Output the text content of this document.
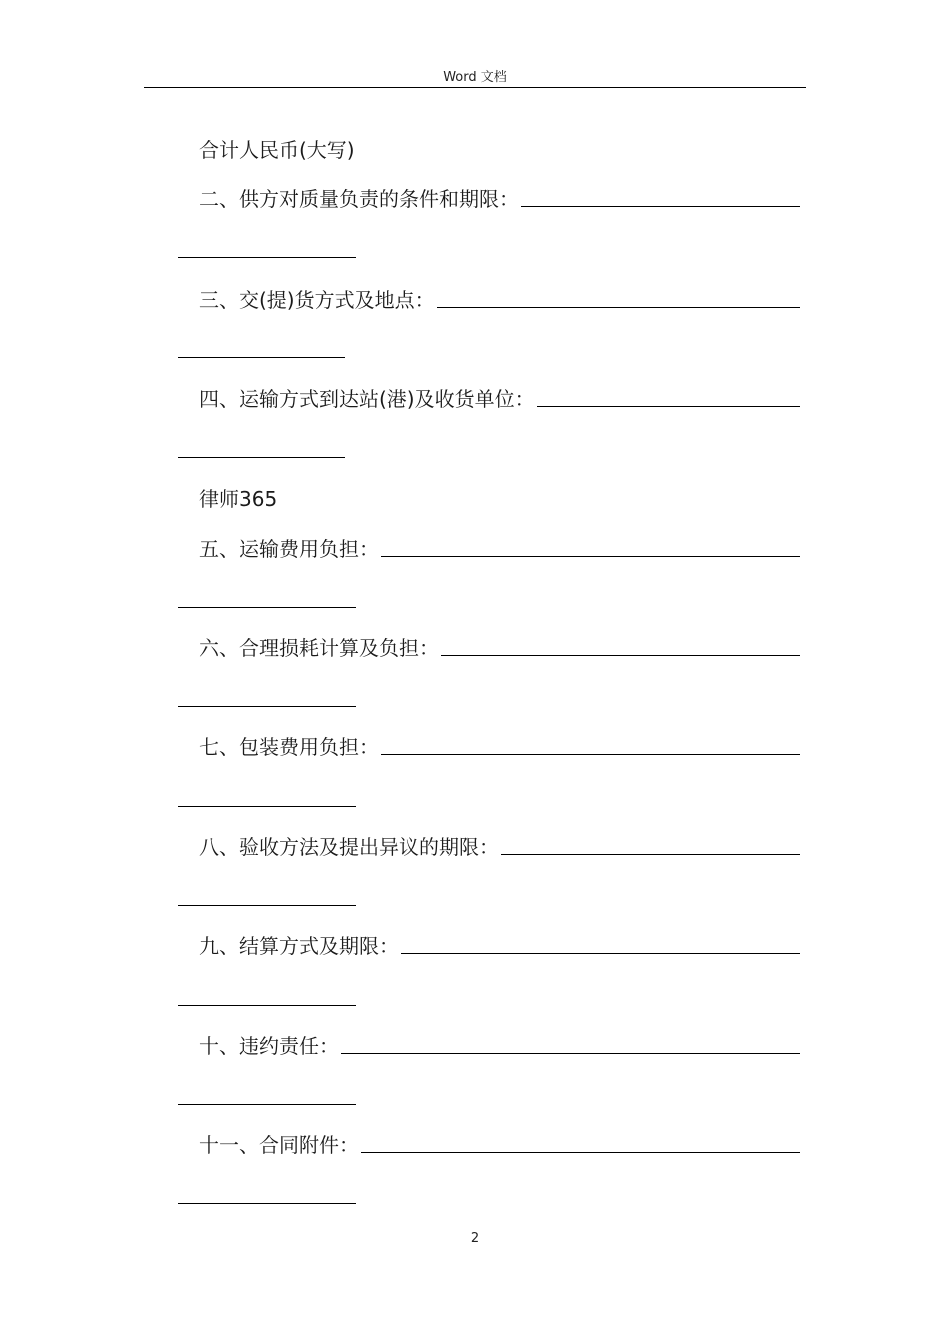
Word 文档
合计人民币(大写)
二、供方对质量负责的条件和期限：
三、交(提)货方式及地点：
四、运输方式到达站(港)及收货单位：
律师365
五、运输费用负担：
六、合理损耗计算及负担：
七、包装费用负担：
八、验收方法及提出异议的期限：
九、结算方式及期限：
十、违约责任：
十一、合同附件：
2
